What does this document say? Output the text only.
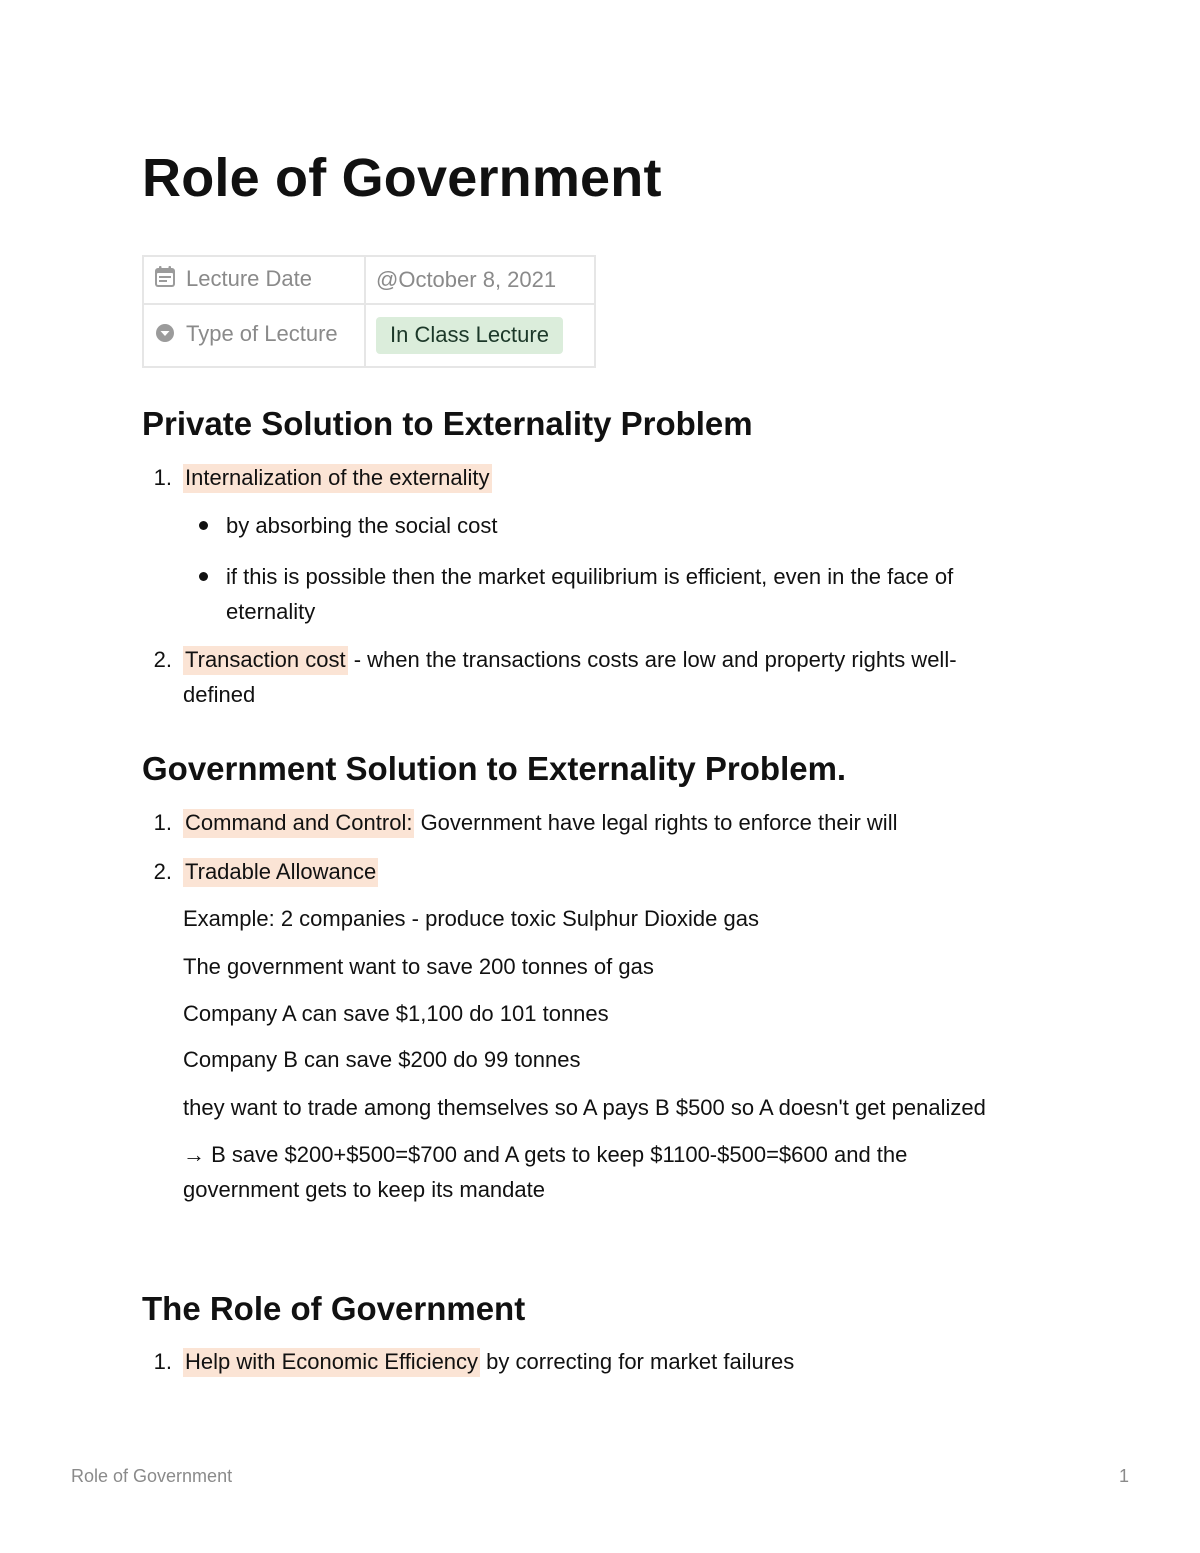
Role of Government
Lecture Date	@October 8, 2021
Type of Lecture	In Class Lecture
Private Solution to Externality Problem
1. Internalization of the externality

by absorbing the social cost

if this is possible then the market equilibrium is efficient, even in the face of

eternality

2. Transaction cost - when the transactions costs are low and property rights well-

defined

Government Solution to Externality Problem.
1. Command and Control: Government have legal rights to enforce their will

2. Tradable Allowance

Example: 2 companies - produce toxic Sulphur Dioxide gas

The government want to save 200 tonnes of gas

Company A can save $1,100 do 101 tonnes

Company B can save $200 do 99 tonnes

they want to trade among themselves so A pays B $500 so A doesn't get penalized

→ B save $200+$500=$700 and A gets to keep $1100-$500=$600 and the

government gets to keep its mandate

The Role of Government
1. Help with Economic Efficiency by correcting for market failures

Role of Government	1
